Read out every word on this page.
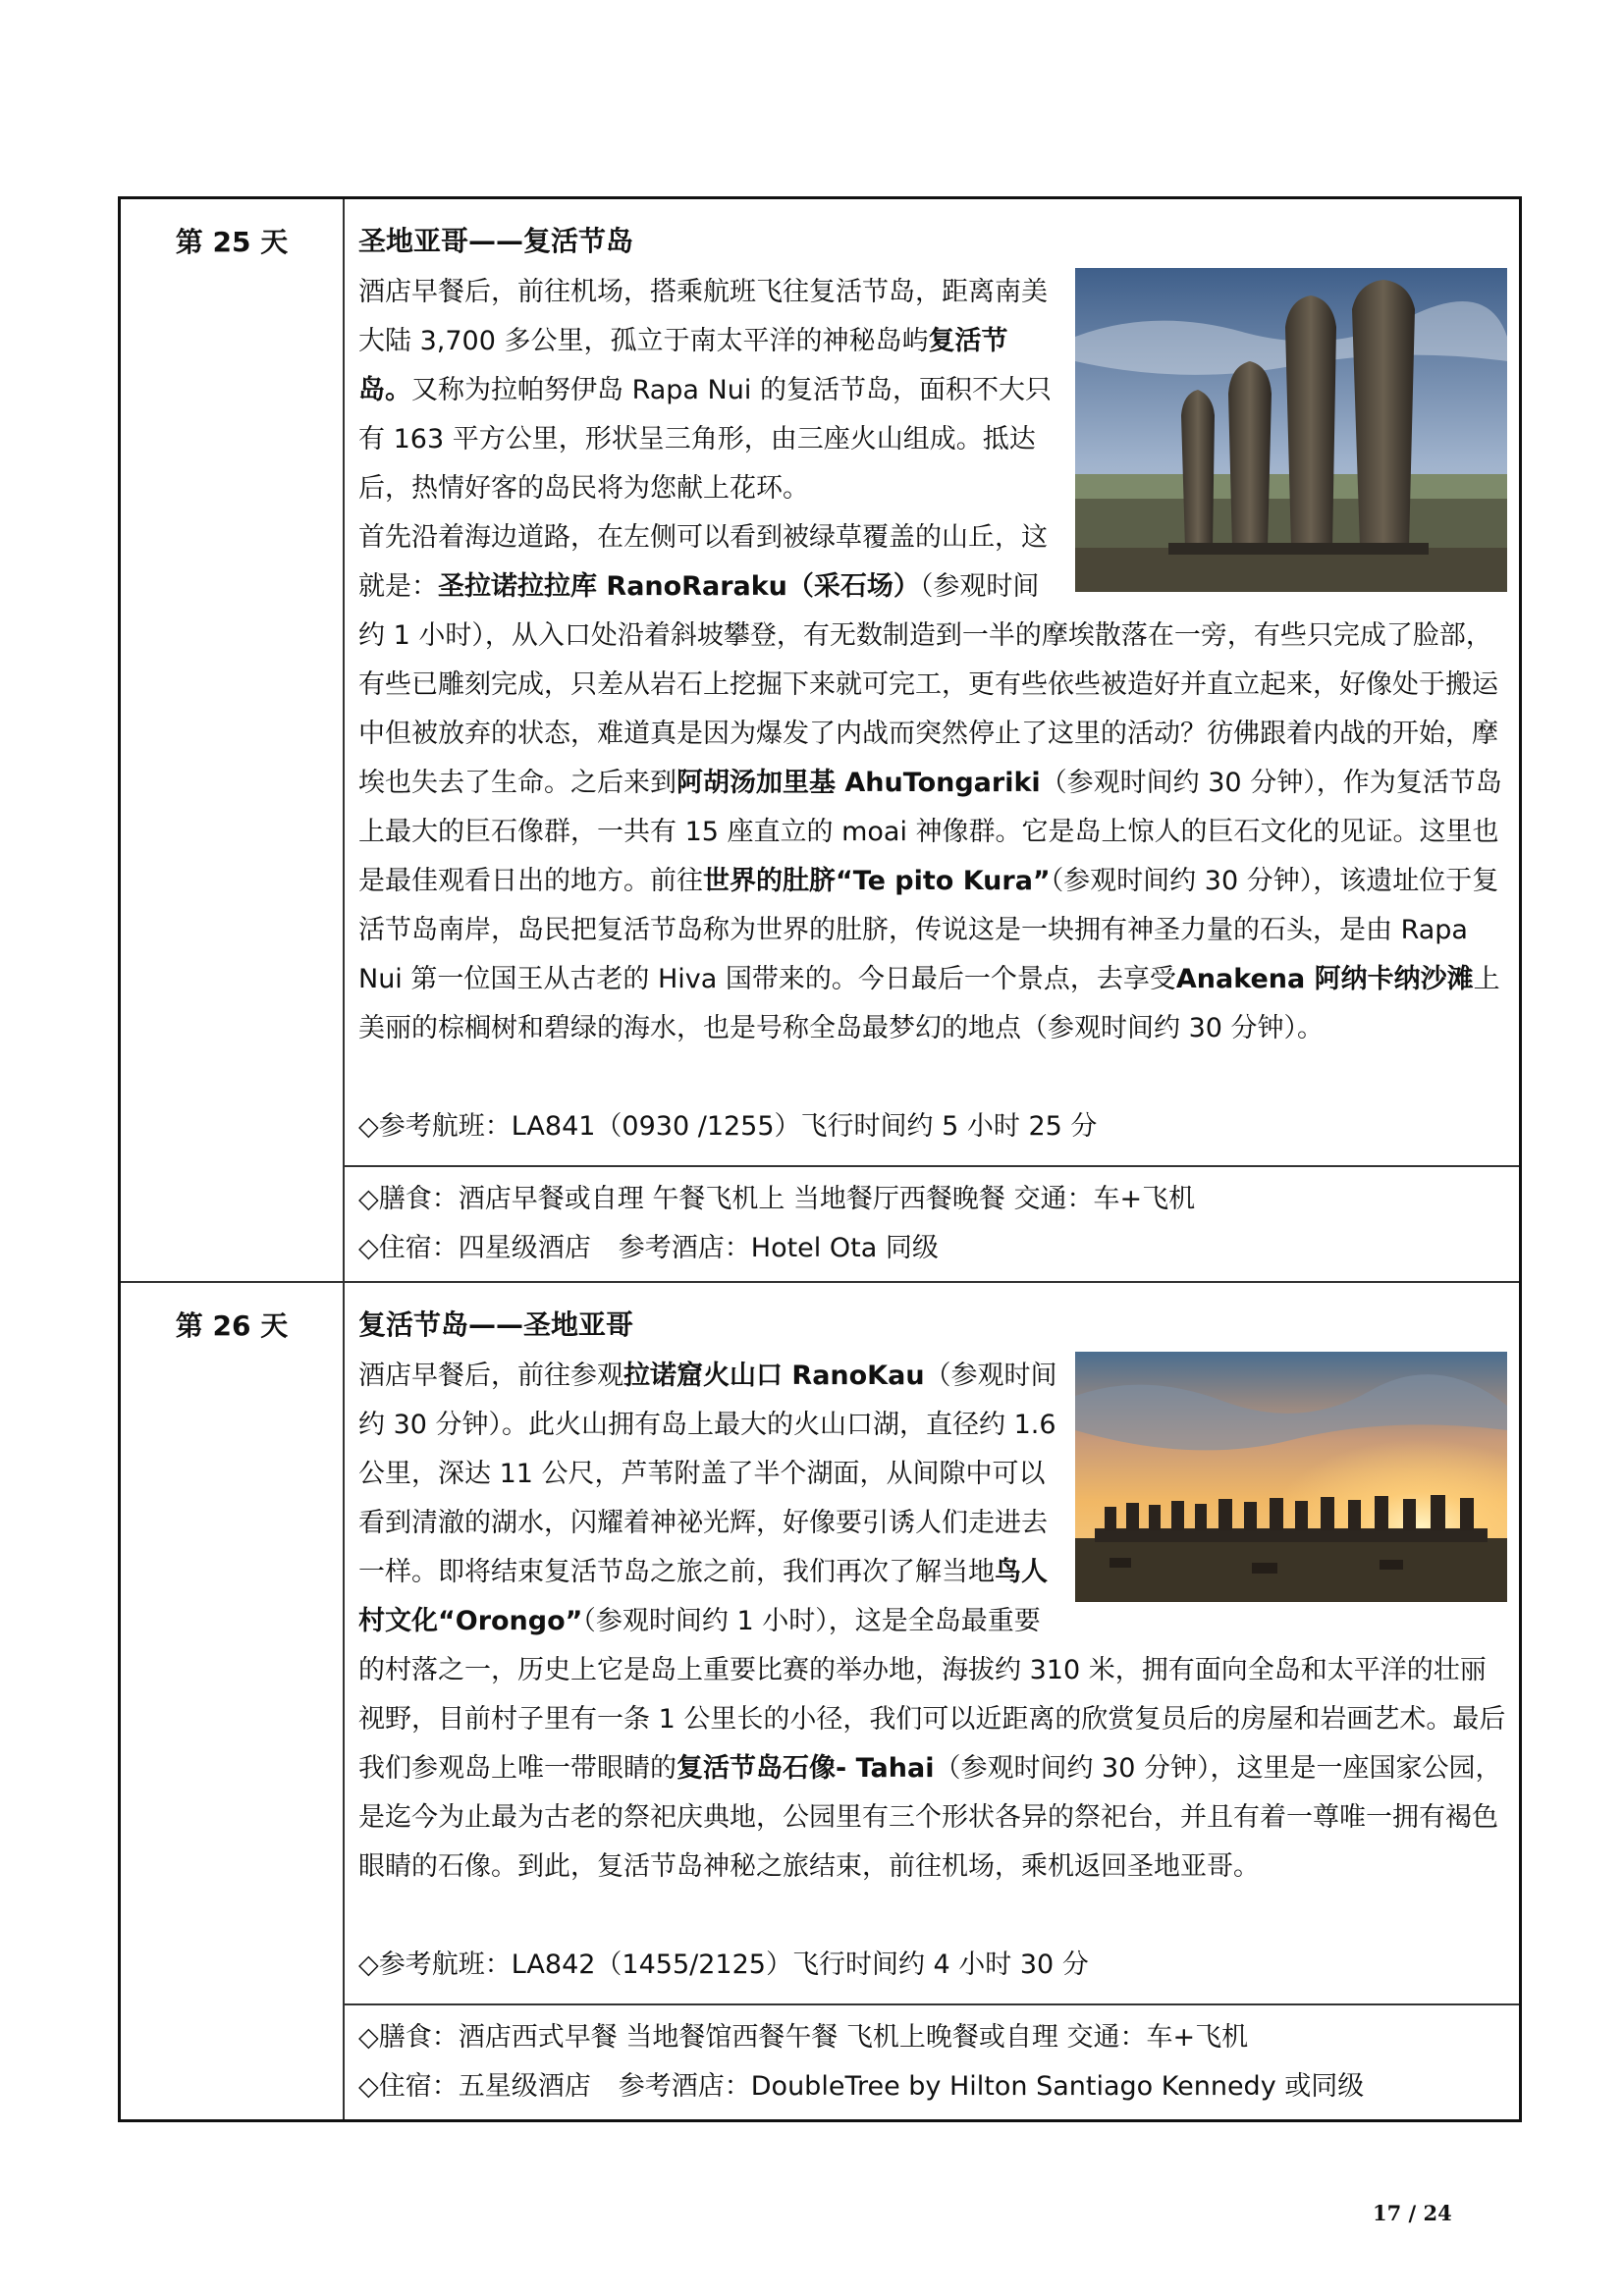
第 25 天	圣地亚哥——复活节岛
酒店早餐后，前往机场，搭乘航班飞往复活节岛，距离南美大陆 3,700 多公里，孤立于南太平洋的神秘岛屿复活节岛。又称为拉帕努伊岛 Rapa Nui 的复活节岛，面积不大只有 163 平方公里，形状呈三角形，由三座火山组成。抵达后，热情好客的岛民将为您献上花环。
首先沿着海边道路，在左侧可以看到被绿草覆盖的山丘，这就是：圣拉诺拉拉库 RanoRaraku（采石场）（参观时间约 1 小时），从入口处沿着斜坡攀登，有无数制造到一半的摩埃散落在一旁，有些只完成了脸部，有些已雕刻完成，只差从岩石上挖掘下来就可完工，更有些依些被造好并直立起来，好像处于搬运中但被放弃的状态，难道真是因为爆发了内战而突然停止了这里的活动？彷佛跟着内战的开始，摩埃也失去了生命。之后来到阿胡汤加里基 AhuTongariki（参观时间约 30 分钟），作为复活节岛上最大的巨石像群，一共有 15 座直立的 moai 神像群。它是岛上惊人的巨石文化的见证。这里也是最佳观看日出的地方。前往世界的肚脐“Te pito Kura”（参观时间约 30 分钟），该遗址位于复活节岛南岸，岛民把复活节岛称为世界的肚脐，传说这是一块拥有神圣力量的石头，是由 Rapa Nui 第一位国王从古老的 Hiva 国带来的。今日最后一个景点，去享受Anakena 阿纳卡纳沙滩上美丽的棕榈树和碧绿的海水，也是号称全岛最梦幻的地点（参观时间约 30 分钟）。
◇参考航班：LA841（0930 /1255）飞行时间约 5 小时 25 分
◇膳食：酒店早餐或自理 午餐飞机上 当地餐厅西餐晚餐 交通：车+飞机
◇住宿：四星级酒店 参考酒店：Hotel Ota 同级
第 26 天	复活节岛——圣地亚哥
酒店早餐后，前往参观拉诺窟火山口 RanoKau（参观时间约 30 分钟）。此火山拥有岛上最大的火山口湖，直径约 1.6 公里，深达 11 公尺，芦苇附盖了半个湖面，从间隙中可以看到清澈的湖水，闪耀着神祕光辉，好像要引诱人们走进去一样。即将结束复活节岛之旅之前，我们再次了解当地鸟人村文化“Orongo”（参观时间约 1 小时），这是全岛最重要的村落之一，历史上它是岛上重要比赛的举办地，海拔约 310 米，拥有面向全岛和太平洋的壮丽视野，目前村子里有一条 1 公里长的小径，我们可以近距离的欣赏复员后的房屋和岩画艺术。最后我们参观岛上唯一带眼睛的复活节岛石像- Tahai（参观时间约 30 分钟），这里是一座国家公园，是迄今为止最为古老的祭祀庆典地，公园里有三个形状各异的祭祀台，并且有着一尊唯一拥有褐色眼睛的石像。到此，复活节岛神秘之旅结束，前往机场，乘机返回圣地亚哥。
◇参考航班：LA842（1455/2125）飞行时间约 4 小时 30 分
◇膳食：酒店西式早餐 当地餐馆西餐午餐 飞机上晚餐或自理 交通：车+飞机
◇住宿：五星级酒店 参考酒店：DoubleTree by Hilton Santiago Kennedy 或同级
17 / 24
